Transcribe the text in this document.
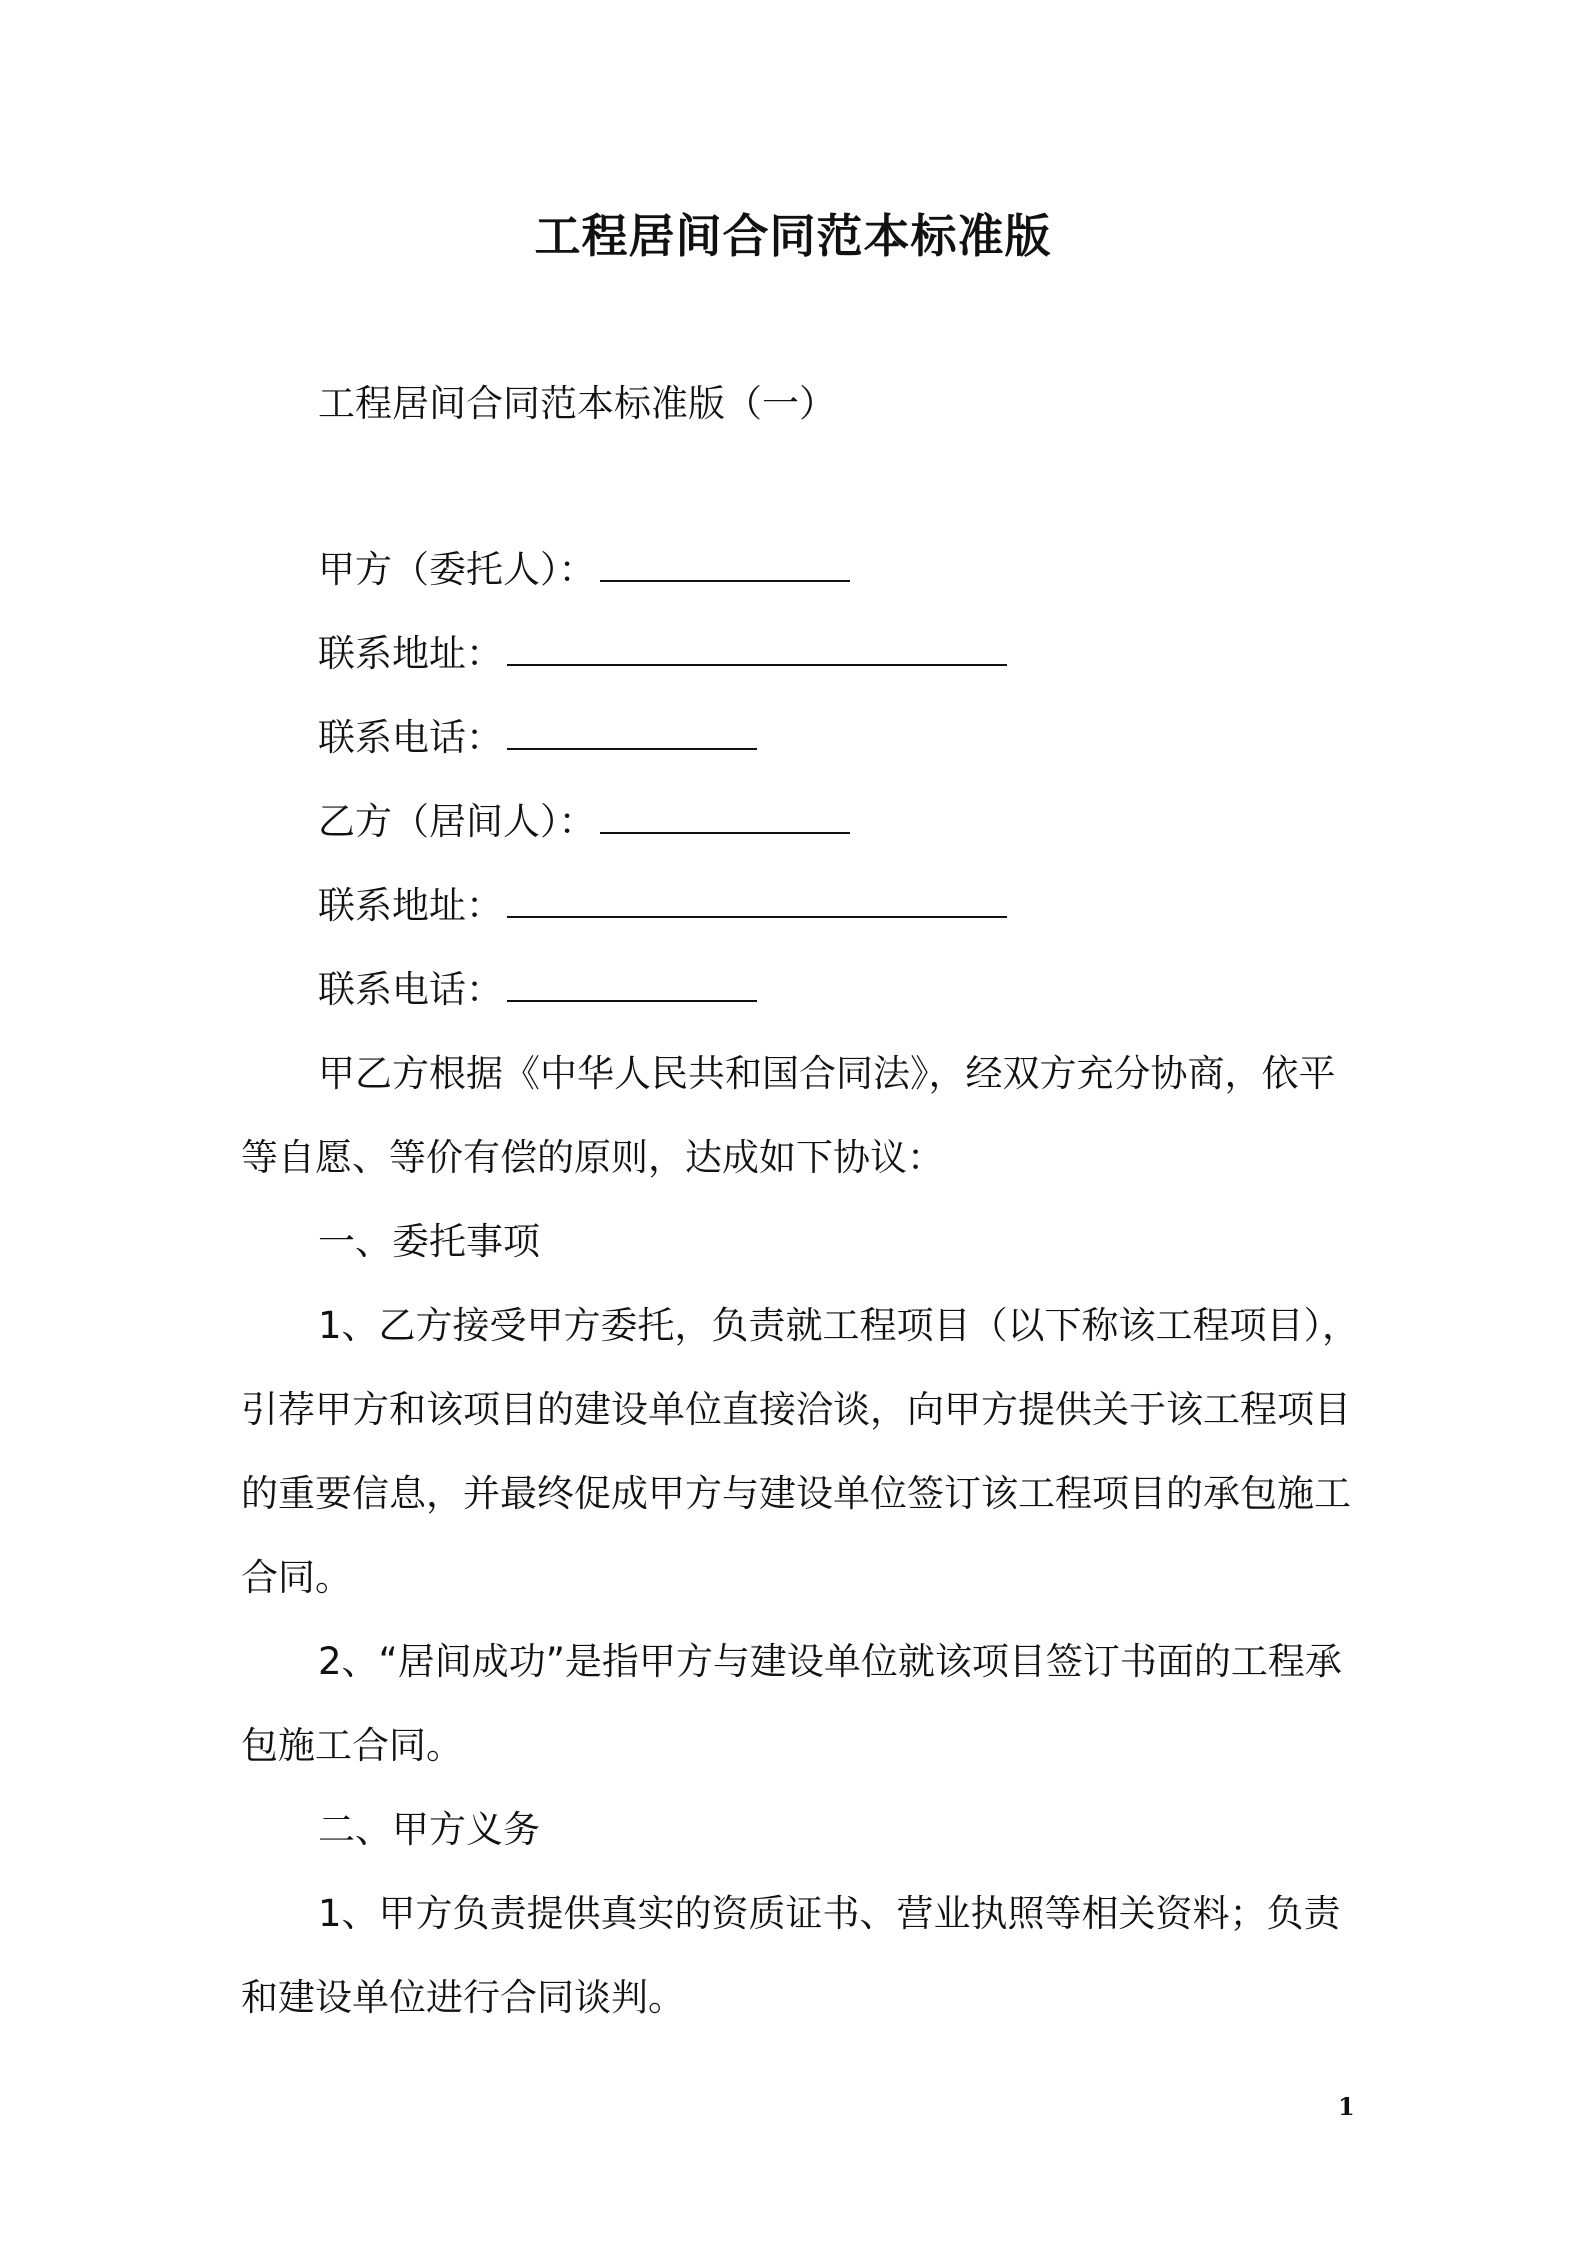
工程居间合同范本标准版
工程居间合同范本标准版（一）
甲方（委托人）：
联系地址：
联系电话：
乙方（居间人）：
联系地址：
联系电话：
甲乙方根据《中华人民共和国合同法》，经双方充分协商，依平
等自愿、等价有偿的原则，达成如下协议：
一、委托事项
1、乙方接受甲方委托，负责就工程项目（以下称该工程项目），
引荐甲方和该项目的建设单位直接洽谈，向甲方提供关于该工程项目
的重要信息，并最终促成甲方与建设单位签订该工程项目的承包施工
合同。
2、“居间成功”是指甲方与建设单位就该项目签订书面的工程承
包施工合同。
二、甲方义务
1、甲方负责提供真实的资质证书、营业执照等相关资料；负责
和建设单位进行合同谈判。
1
